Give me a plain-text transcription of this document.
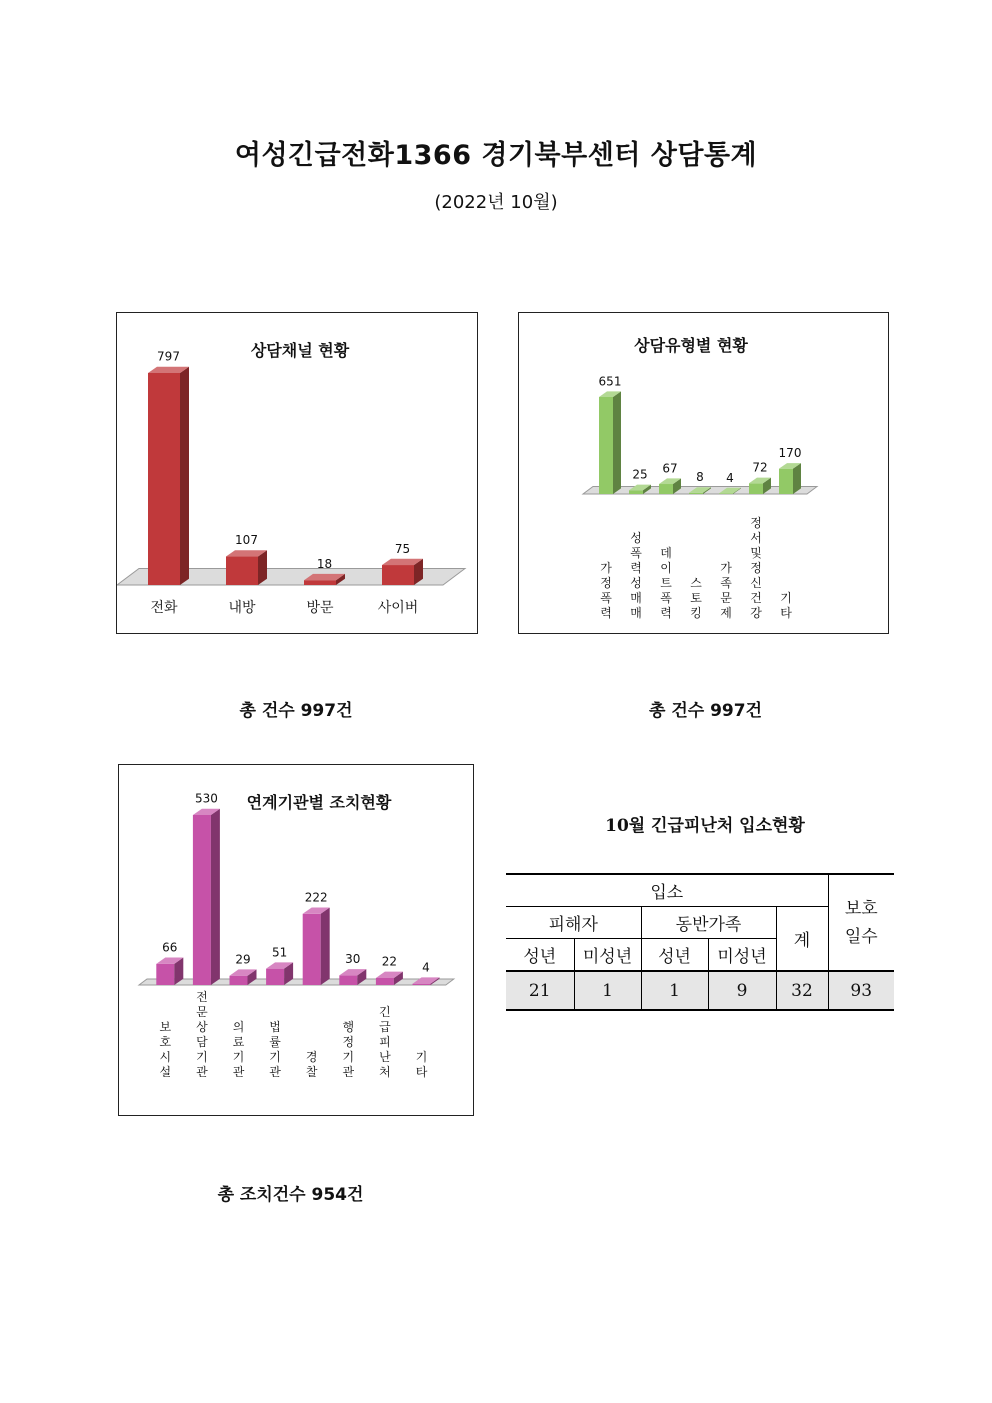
여성긴급전화1366 경기북부센터 상담통계
(2022년 10월)
상담채널 현황
797
전화
107
내방
18
방문
75
사이버
총 건수 997건
상담유형별 현황
651
가 정 폭 력
25
성 폭 력 성 매 매
67
데 이 트 폭 력
8
스 토 킹
4
가 족 문 제
72
정 서 및 정 신 건 강
170
기 타
총 건수 997건
연계기관별 조치현황
66
보 호 시 설
530
전 문 상 담 기 관
29
의 료 기 관
51
법 률 기 관
222
경 찰
30
행 정 기 관
22
긴 급 피 난 처
4
기 타
총 조치건수 954건
10월 긴급피난처 입소현황
입소					보호
일수
피해자		동반가족		계	
성년	미성년	성년	미성년		
21	1	1	9	32	93
